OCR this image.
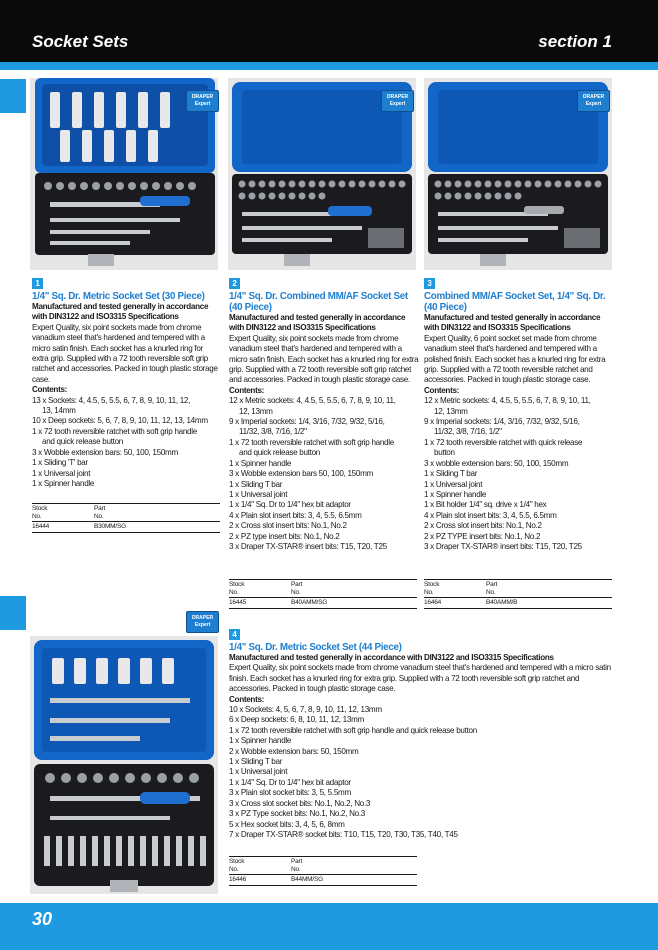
Socket Sets	section 1
DRAPER
Expert
DRAPER
Expert
DRAPER
Expert
DRAPER
Expert
1
1/4" Sq. Dr. Metric Socket Set (30 Piece)
Manufactured and tested generally in accordance with DIN3122 and ISO3315 Specifications
Expert Quality, six point sockets made from chrome vanadium steel that's hardened and tempered with a micro satin finish. Each socket has a knurled ring for extra grip. Supplied with a 72 tooth reversible soft grip ratchet and accessories. Packed in tough plastic storage case.
Contents:
13 x Sockets: 4, 4.5, 5, 5.5, 6, 7, 8, 9, 10, 11, 12,
13, 14mm
10 x Deep sockets: 5, 6, 7, 8, 9, 10, 11, 12, 13, 14mm
1 x 72 tooth reversible ratchet with soft grip handle
and quick release button
3 x Wobble extension bars: 50, 100, 150mm
1 x Sliding 'T' bar
1 x Universal joint
1 x Spinner handle
Stock
No.
Part
No.
16444	B30MM/SG
2
1/4" Sq. Dr. Combined MM/AF Socket Set (40 Piece)
Manufactured and tested generally in accordance with DIN3122 and ISO3315 Specifications
Expert Quality, six point sockets made from chrome vanadium steel that's hardened and tempered with a micro satin finish. Each socket has a knurled ring for extra grip. Supplied with a 72 tooth reversible soft grip ratchet and accessories. Packed in tough plastic storage case.
Contents:
12 x Metric sockets: 4, 4.5, 5, 5.5, 6, 7, 8, 9, 10, 11,
12, 13mm
9 x Imperial sockets: 1/4, 3/16, 7/32, 9/32, 5/16,
11/32, 3/8, 7/16, 1/2"
1 x 72 tooth reversible ratchet with soft grip handle
and quick release button
1 x Spinner handle
3 x Wobble extension bars 50, 100, 150mm
1 x Sliding T bar
1 x Universal joint
1 x 1/4" Sq. Dr to 1/4" hex bit adaptor
4 x Plain slot insert bits: 3, 4, 5.5, 6.5mm
2 x Cross slot insert bits: No.1, No.2
2 x PZ type insert bits: No.1, No.2
3 x Draper TX-STAR® insert bits: T15, T20, T25
Stock
No.
Part
No.
16445	B40AMM/SG
3
Combined MM/AF Socket Set, 1/4" Sq. Dr. (40 Piece)
Manufactured and tested generally in accordance with DIN3122 and ISO3315 Specifications
Expert Quality, 6 point socket set made from chrome vanadium steel that's hardened and tempered with a polished finish. Each socket has a knurled ring for extra grip. Supplied with a 72 tooth reversible ratchet and accessories. Packed in tough plastic storage case.
Contents:
12 x Metric sockets: 4, 4.5, 5, 5.5, 6, 7, 8, 9, 10, 11,
12, 13mm
9 x Imperial sockets: 1/4, 3/16, 7/32, 9/32, 5/16,
11/32, 3/8, 7/16, 1/2"
1 x 72 tooth reversible ratchet with quick release
button
3 x wobble extension bars: 50, 100, 150mm
1 x Sliding T bar
1 x Universal joint
1 x Spinner handle
1 x Bit holder 1/4" sq. drive x 1/4" hex
4 x Plain slot insert bits: 3, 4, 5.5, 6.5mm
2 x Cross slot insert bits: No.1, No.2
2 x PZ TYPE insert bits: No.1, No.2
3 x Draper TX-STAR® insert bits: T15, T20, T25
Stock
No.
Part
No.
16464	B40AMM/B
4
1/4" Sq. Dr. Metric Socket Set (44 Piece)
Manufactured and tested generally in accordance with DIN3122 and ISO3315 Specifications
Expert Quality, six point sockets made from chrome vanadium steel that's hardened and tempered with a micro satin finish. Each socket has a knurled ring for extra grip. Supplied with a 72 tooth reversible soft grip ratchet and accessories. Packed in tough plastic storage case.
Contents:
10 x Sockets: 4, 5, 6, 7, 8, 9, 10, 11, 12, 13mm
6 x Deep sockets: 6, 8, 10, 11, 12, 13mm
1 x 72 tooth reversible ratchet with soft grip handle and quick release button
1 x Spinner handle
2 x Wobble extension bars: 50, 150mm
1 x Sliding T bar
1 x Universal joint
1 x 1/4" Sq. Dr to 1/4" hex bit adaptor
3 x Plain slot socket bits: 3, 5, 5.5mm
3 x Cross slot socket bits: No.1, No.2, No.3
3 x PZ Type socket bits: No.1, No.2, No.3
5 x Hex socket bits: 3, 4, 5, 6, 8mm
7 x Draper TX-STAR® socket bits: T10, T15, T20, T30, T35, T40, T45
Stock
No.
Part
No.
16446	B44MM/SG
30
